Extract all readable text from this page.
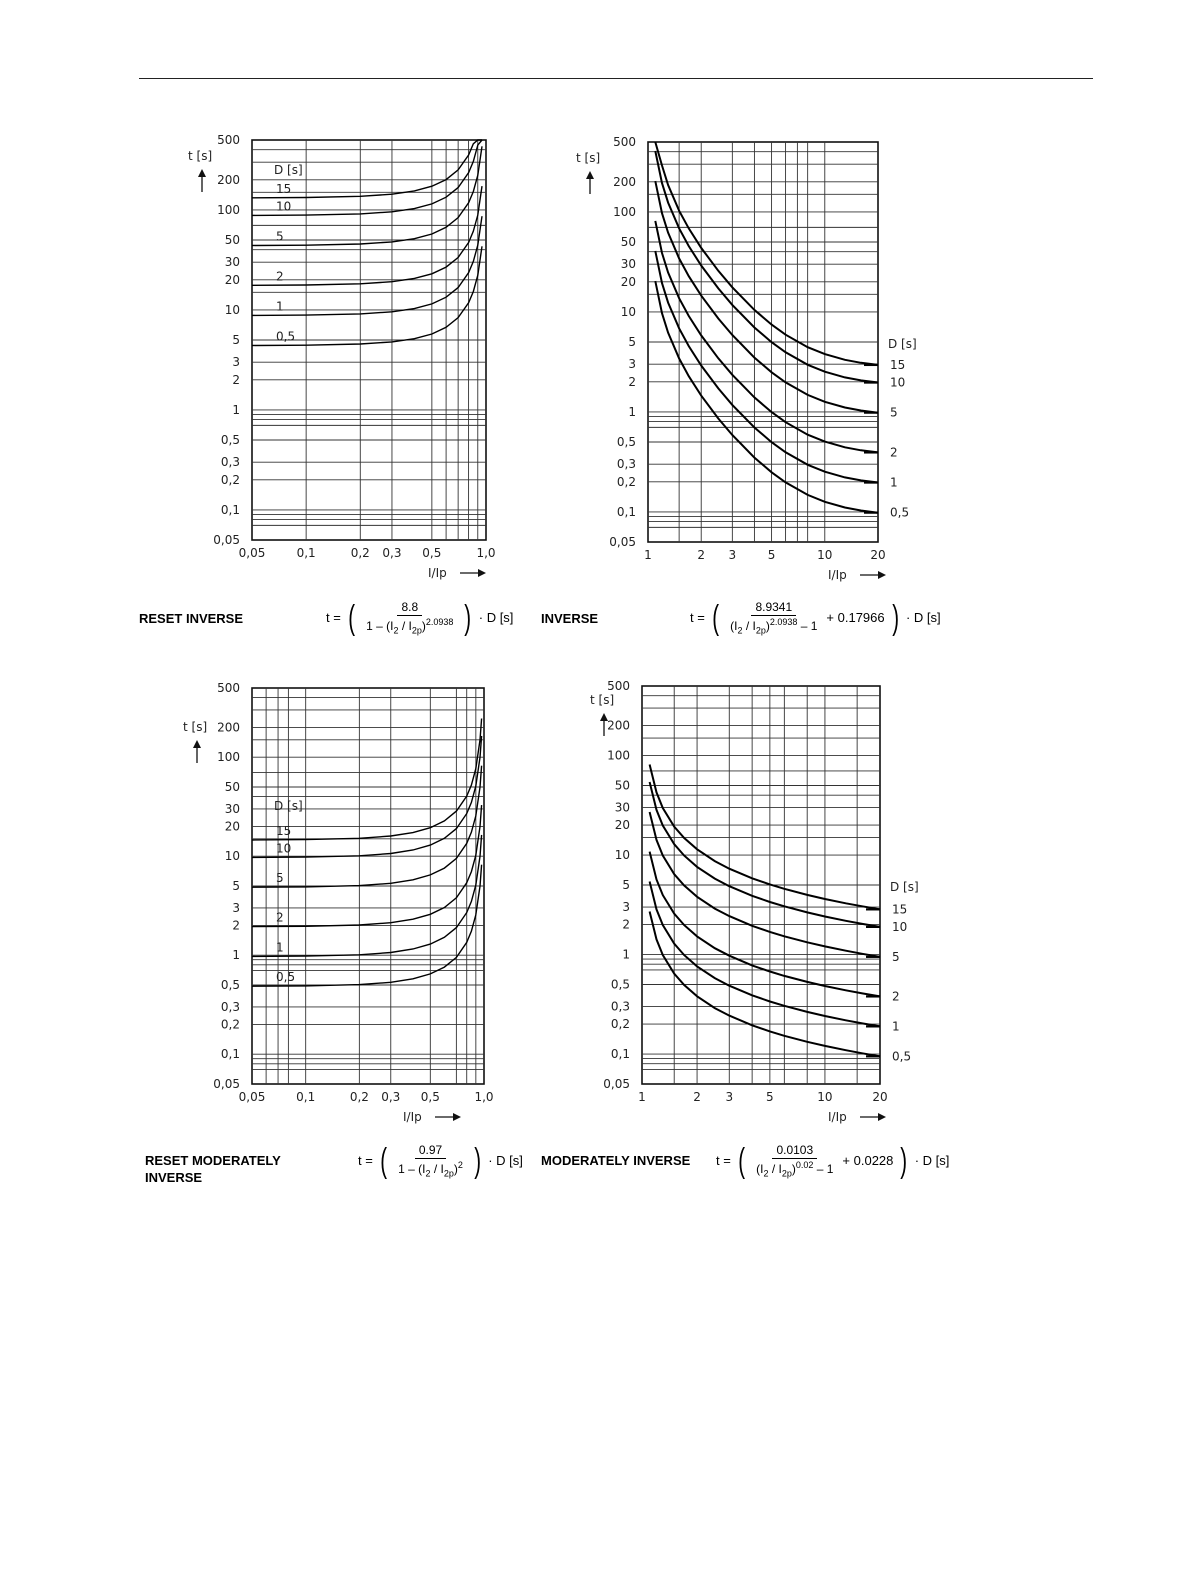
500
200
100
50
30
20
10
5
3
2
1
0,5
0,3
0,2
0,1
0,05
0,05	0,1	0,2 0,3 0,5	1,0
t [s]
I/Ip
D [s]
15
10
5
2
1
0,5
500
200
100
50
30
20
10
5
3
2
1
0,5
0,3
0,2
0,1
0,05
1	2 3	5	10	20
t [s]
I/Ip
D [s]
15
10
5
2
1
0,5
500
200
100
50
30
20
10
5
3
2
1
0,5
0,3
0,2
0,1
0,05
0,05	0,1	0,2 0,3 0,5	1,0
t [s]
I/Ip
D [s]
15
10
5
2
1
0,5
500
200
100
50
30
20
10
5
3
2
1
0,5
0,3
0,2
0,1
0,05
1	2 3	5	10	20
t [s]
I/Ip
D [s]
15
10
5
2
1
0,5
RESET INVERSE	t = ( $\frac{8.8}{1 - (I_2 / I_{2p})^{2.0938}}$ ) · D [s] INVERSE	t = ( $\frac{8.9341}{(I_2 / I_{2p})^{2.0938} - 1} + 0.17966$ ) · D [s]
RESET MODERATELY
INVERSE
t = ( $\frac{0.97}{1 - (I_2 / I_{2p})^2}$ ) · D [s] MODERATELY INVERSE t = ( $\frac{0.0103}{(I_2 / I_{2p})^{0.02} - 1} + 0.0228$ ) · D [s]
